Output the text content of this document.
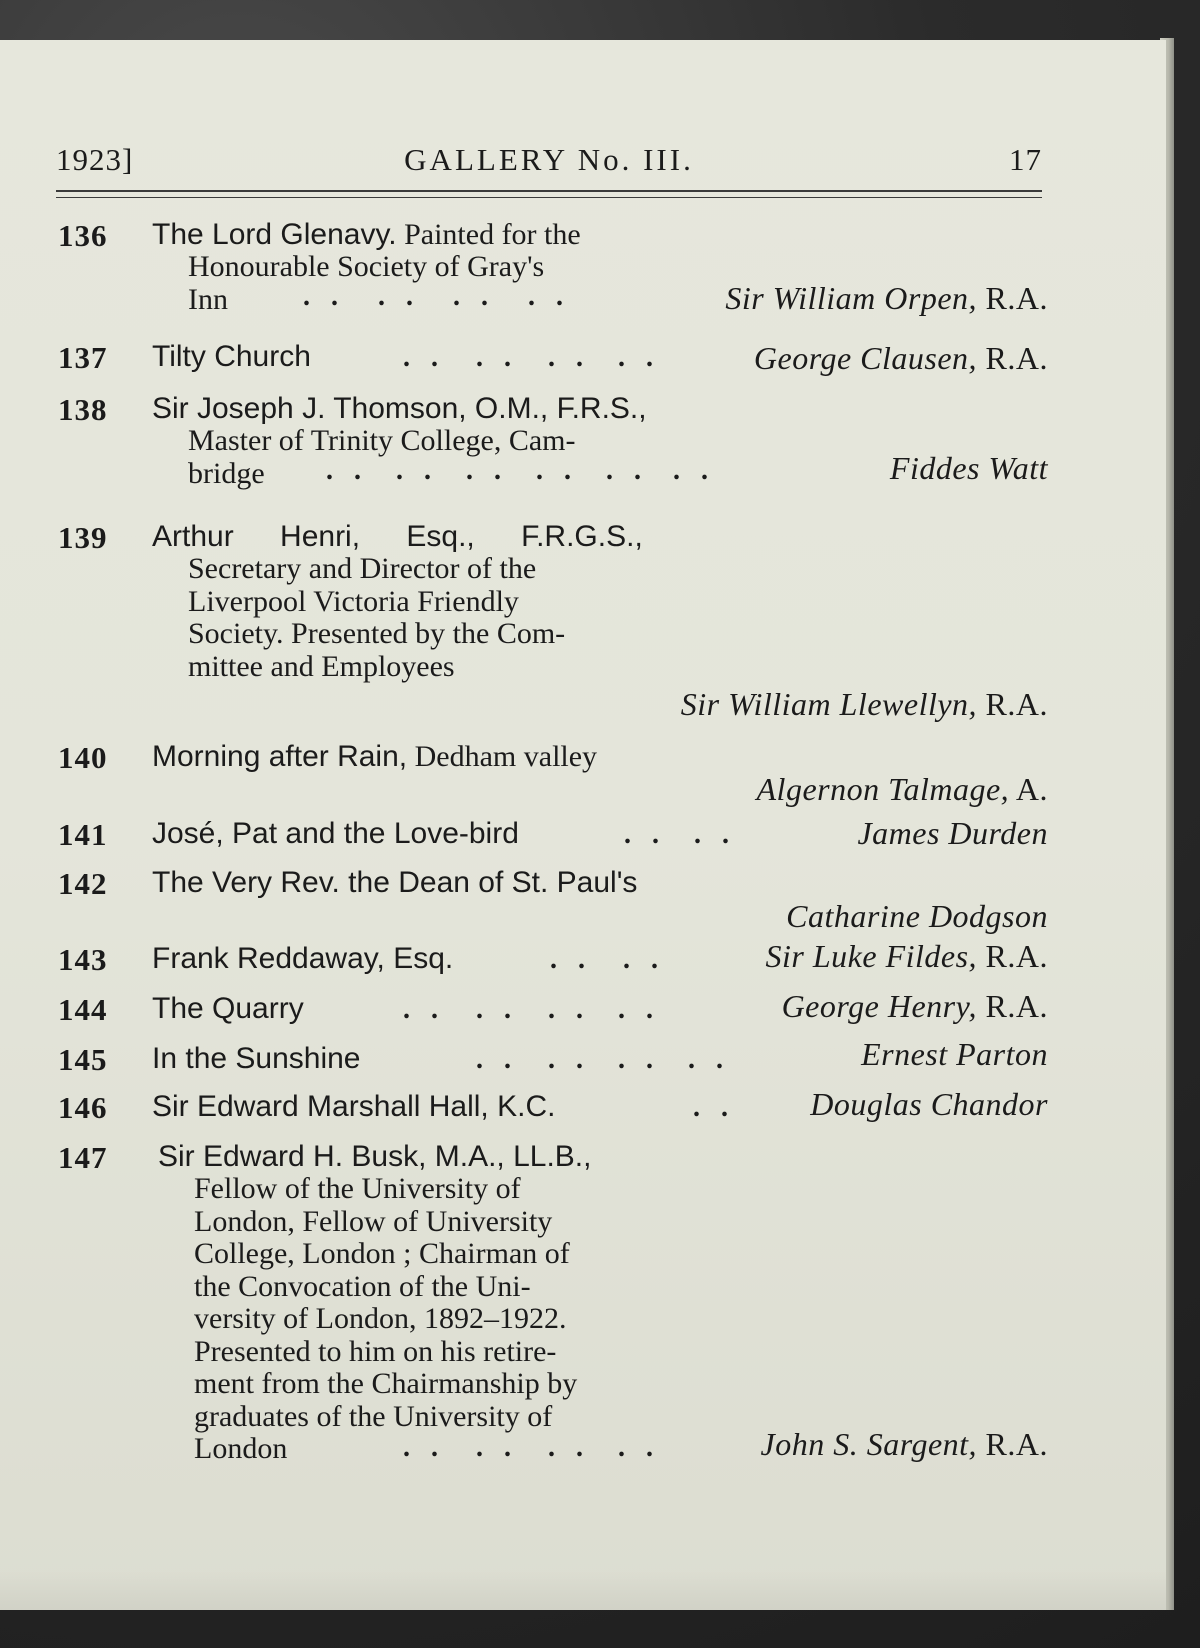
1923]	GALLERY No. III.	17
136 The Lord Glenavy. Painted for the
Honourable Society of Gray's
Inn	. . . . . . . .	Sir William Orpen, R.A.
137 Tilty Church	. . . . . . . .	George Clausen, R.A.
138 Sir Joseph J. Thomson, O.M., F.R.S.,
Master of Trinity College, Cam-
bridge	. . . . . . . . . . . .	Fiddes Watt
139 Arthur Henri, Esq., F.R.G.S.,
Secretary and Director of the
Liverpool Victoria Friendly
Society. Presented by the Com-
mittee and Employees
Sir William Llewellyn, R.A.
140 Morning after Rain, Dedham valley
Algernon Talmage, A.
141 José, Pat and the Love-bird	. . . .	James Durden
142 The Very Rev. the Dean of St. Paul's
Catharine Dodgson
143 Frank Reddaway, Esq.	. . . .	Sir Luke Fildes, R.A.
144 The Quarry	. . . . . . . .	George Henry, R.A.
145 In the Sunshine	. . . . . . . .	Ernest Parton
146 Sir Edward Marshall Hall, K.C.	. . Douglas Chandor
147 Sir Edward H. Busk, M.A., LL.B.,
Fellow of the University of
London, Fellow of University
College, London ; Chairman of
the Convocation of the Uni-
versity of London, 1892–1922.
Presented to him on his retire-
ment from the Chairmanship by
graduates of the University of
London	. . . . . . . .	John S. Sargent, R.A.
